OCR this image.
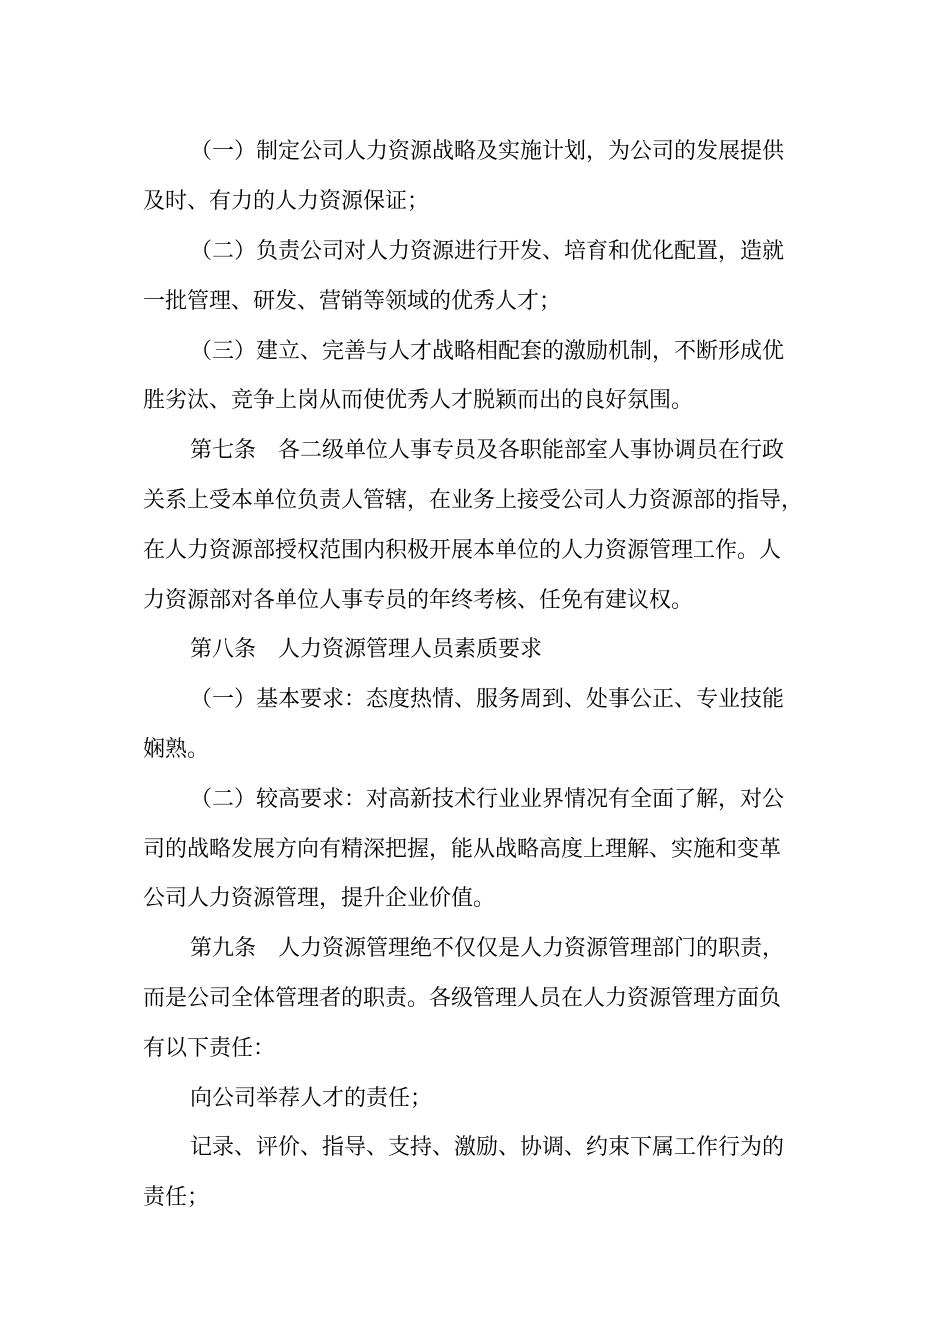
（一）制定公司人力资源战略及实施计划，为公司的发展提供
及时、有力的人力资源保证；
（二）负责公司对人力资源进行开发、培育和优化配置，造就
一批管理、研发、营销等领域的优秀人才；
（三）建立、完善与人才战略相配套的激励机制，不断形成优
胜劣汰、竞争上岗从而使优秀人才脱颖而出的良好氛围。
第七条　各二级单位人事专员及各职能部室人事协调员在行政
关系上受本单位负责人管辖，在业务上接受公司人力资源部的指导，
在人力资源部授权范围内积极开展本单位的人力资源管理工作。人
力资源部对各单位人事专员的年终考核、任免有建议权。
第八条　人力资源管理人员素质要求
（一）基本要求：态度热情、服务周到、处事公正、专业技能
娴熟。
（二）较高要求：对高新技术行业业界情况有全面了解，对公
司的战略发展方向有精深把握，能从战略高度上理解、实施和变革
公司人力资源管理，提升企业价值。
第九条　人力资源管理绝不仅仅是人力资源管理部门的职责，
而是公司全体管理者的职责。各级管理人员在人力资源管理方面负
有以下责任：
向公司举荐人才的责任；
记录、评价、指导、支持、激励、协调、约束下属工作行为的
责任；
